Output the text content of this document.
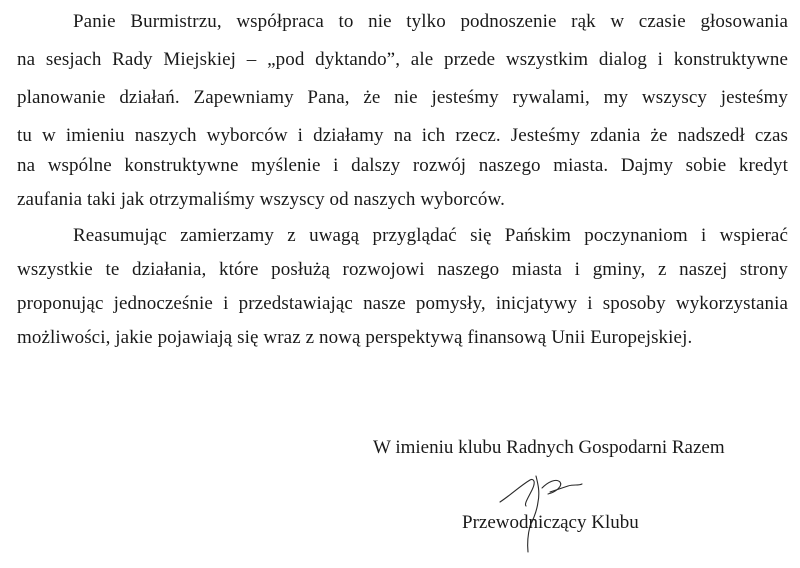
Panie Burmistrzu, współpraca to nie tylko podnoszenie rąk w czasie głosowania
na sesjach Rady Miejskiej – „pod dyktando”, ale przede wszystkim dialog i konstruktywne
planowanie działań. Zapewniamy Pana, że nie jesteśmy rywalami, my wszyscy jesteśmy
tu w imieniu naszych wyborców i działamy na ich rzecz. Jesteśmy zdania że nadszedł czas
na wspólne konstruktywne myślenie i dalszy rozwój naszego miasta. Dajmy sobie kredyt
zaufania taki jak otrzymaliśmy wszyscy od naszych wyborców.
Reasumując zamierzamy z uwagą przyglądać się Pańskim poczynaniom i wspierać
wszystkie te działania, które posłużą rozwojowi naszego miasta i gminy, z naszej strony
proponując jednocześnie i przedstawiając nasze pomysły, inicjatywy i sposoby wykorzystania
możliwości, jakie pojawiają się wraz z nową perspektywą finansową Unii Europejskiej.
W imieniu klubu Radnych Gospodarni Razem
Przewodniczący Klubu
